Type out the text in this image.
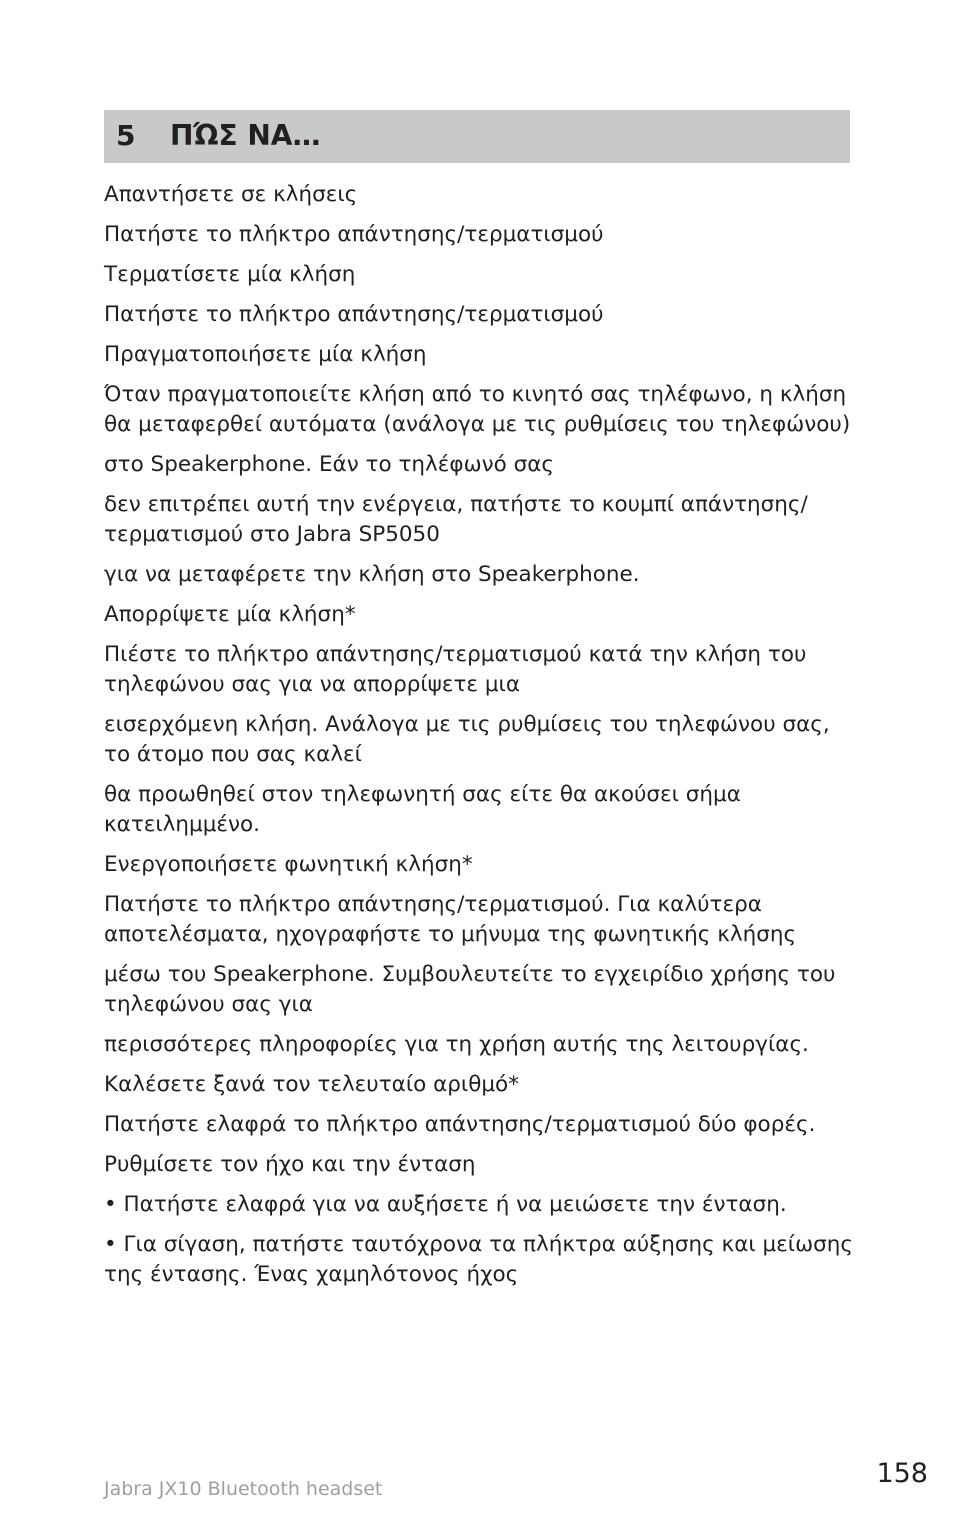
5 ΠΏΣ ΝΑ…

Απαντήσετε σε κλήσεις

Πατήστε το πλήκτρο απάντησης/τερματισμού

Τερματίσετε μία κλήση

Πατήστε το πλήκτρο απάντησης/τερματισμού

Πραγματοποιήσετε μία κλήση

Όταν πραγματοποιείτε κλήση από το κινητό σας τηλέφωνο, η κλήση θα μεταφερθεί αυτόματα (ανάλογα με τις ρυθμίσεις του τηλεφώνου)

στο Speakerphone. Εάν το τηλέφωνό σας

δεν επιτρέπει αυτή την ενέργεια, πατήστε το κουμπί απάντησης/ τερματισμού στο Jabra SP5050

για να μεταφέρετε την κλήση στο Speakerphone.

Απορρίψετε μία κλήση*

Πιέστε το πλήκτρο απάντησης/τερματισμού κατά την κλήση του τηλεφώνου σας για να απορρίψετε μια

εισερχόμενη κλήση. Ανάλογα με τις ρυθμίσεις του τηλεφώνου σας, το άτομο που σας καλεί

θα προωθηθεί στον τηλεφωνητή σας είτε θα ακούσει σήμα κατειλημμένο.

Ενεργοποιήσετε φωνητική κλήση*

Πατήστε το πλήκτρο απάντησης/τερματισμού. Για καλύτερα αποτελέσματα, ηχογραφήστε το μήνυμα της φωνητικής κλήσης

μέσω του Speakerphone. Συμβουλευτείτε το εγχειρίδιο χρήσης του τηλεφώνου σας για

περισσότερες πληροφορίες για τη χρήση αυτής της λειτουργίας.

Καλέσετε ξανά τον τελευταίο αριθμό*

Πατήστε ελαφρά το πλήκτρο απάντησης/τερματισμού δύο φορές.

Ρυθμίσετε τον ήχο και την ένταση

• Πατήστε ελαφρά για να αυξήσετε ή να μειώσετε την ένταση.

• Για σίγαση, πατήστε ταυτόχρονα τα πλήκτρα αύξησης και μείωσης της έντασης. Ένας χαμηλότονος ήχος

Jabra JX10 Bluetooth headset	158
